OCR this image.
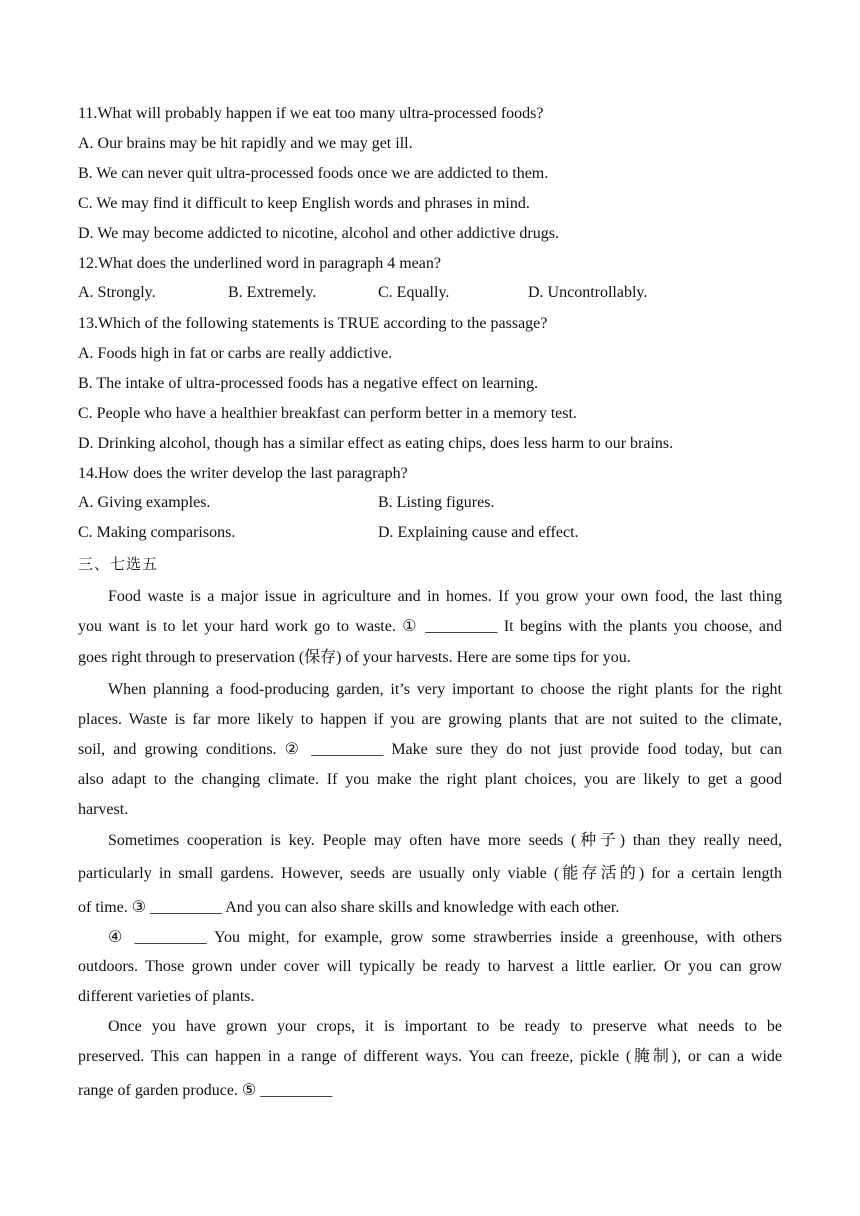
11.What will probably happen if we eat too many ultra-processed foods?
A. Our brains may be hit rapidly and we may get ill.
B. We can never quit ultra-processed foods once we are addicted to them.
C. We may find it difficult to keep English words and phrases in mind.
D. We may become addicted to nicotine, alcohol and other addictive drugs.
12.What does the underlined word in paragraph 4 mean?
A. Strongly.	B. Extremely.	C. Equally.	D. Uncontrollably.
13.Which of the following statements is TRUE according to the passage?
A. Foods high in fat or carbs are really addictive.
B. The intake of ultra-processed foods has a negative effect on learning.
C. People who have a healthier breakfast can perform better in a memory test.
D. Drinking alcohol, though has a similar effect as eating chips, does less harm to our brains.
14.How does the writer develop the last paragraph?
A. Giving examples.	B. Listing figures.
C. Making comparisons.	D. Explaining cause and effect.
三、七选五
Food waste is a major issue in agriculture and in homes. If you grow your own food, the last thing
you want is to let your hard work go to waste. ① _________ It begins with the plants you choose, and
goes right through to preservation (保存) of your harvests. Here are some tips for you.
When planning a food-producing garden, it’s very important to choose the right plants for the right
places. Waste is far more likely to happen if you are growing plants that are not suited to the climate,
soil, and growing conditions. ② _________ Make sure they do not just provide food today, but can
also adapt to the changing climate. If you make the right plant choices, you are likely to get a good
harvest.
Sometimes cooperation is key. People may often have more seeds (种子) than they really need,
particularly in small gardens. However, seeds are usually only viable (能存活的) for a certain length
of time. ③ _________ And you can also share skills and knowledge with each other.
④ _________ You might, for example, grow some strawberries inside a greenhouse, with others
outdoors. Those grown under cover will typically be ready to harvest a little earlier. Or you can grow
different varieties of plants.
Once you have grown your crops, it is important to be ready to preserve what needs to be
preserved. This can happen in a range of different ways. You can freeze, pickle (腌制), or can a wide
range of garden produce. ⑤ _________
